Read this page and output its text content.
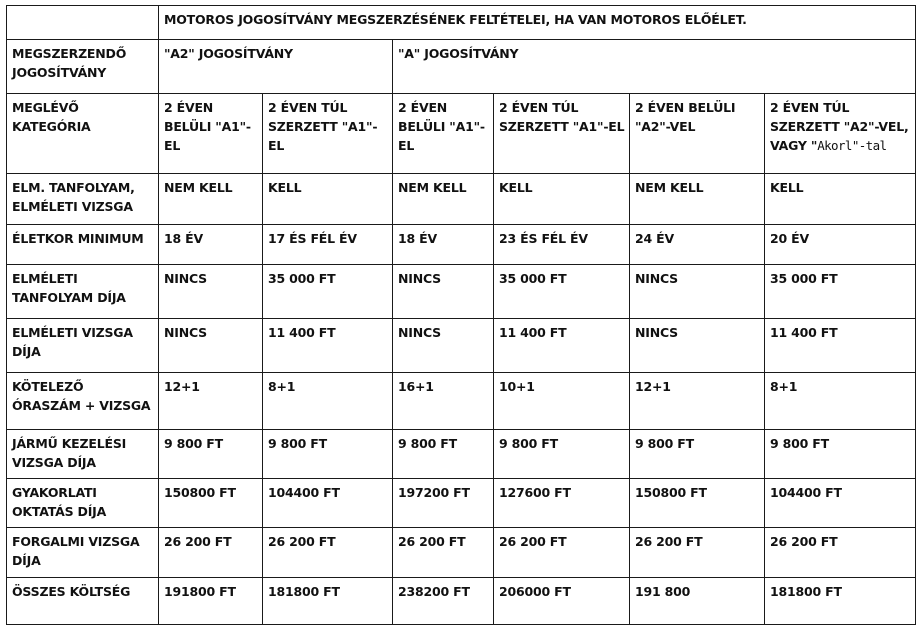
	MOTOROS JOGOSÍTVÁNY MEGSZERZÉSÉNEK FELTÉTELEI, HA VAN MOTOROS ELŐÉLET.					
MEGSZERZENDŐ JOGOSÍTVÁNY	"A2" JOGOSÍTVÁNY		"A" JOGOSÍTVÁNY			
MEGLÉVŐ KATEGÓRIA	2 ÉVEN BELÜLI "A1"-EL	2 ÉVEN TÚL SZERZETT "A1"-EL	2 ÉVEN BELÜLI "A1"-EL	2 ÉVEN TÚL SZERZETT "A1"-EL	2 ÉVEN BELÜLI "A2"-VEL	2 ÉVEN TÚL SZERZETT "A2"-VEL, VAGY "Akorl"-tal
ELM. TANFOLYAM, ELMÉLETI VIZSGA	NEM KELL	KELL	NEM KELL	KELL	NEM KELL	KELL
ÉLETKOR MINIMUM	18 ÉV	17 ÉS FÉL ÉV	18 ÉV	23 ÉS FÉL ÉV	24 ÉV	20 ÉV
ELMÉLETI TANFOLYAM DÍJA	NINCS	35 000 FT	NINCS	35 000 FT	NINCS	35 000 FT
ELMÉLETI VIZSGA DÍJA	NINCS	11 400 FT	NINCS	11 400 FT	NINCS	11 400 FT
KÖTELEZŐ ÓRASZÁM + VIZSGA	12+1	8+1	16+1	10+1	12+1	8+1
JÁRMŰ KEZELÉSI VIZSGA DÍJA	9 800 FT	9 800 FT	9 800 FT	9 800 FT	9 800 FT	9 800 FT
GYAKORLATI OKTATÁS DÍJA	150800 FT	104400 FT	197200 FT	127600 FT	150800 FT	104400 FT
FORGALMI VIZSGA DÍJA	26 200 FT	26 200 FT	26 200 FT	26 200 FT	26 200 FT	26 200 FT
ÖSSZES KÖLTSÉG	191800 FT	181800 FT	238200 FT	206000 FT	191 800	181800 FT
